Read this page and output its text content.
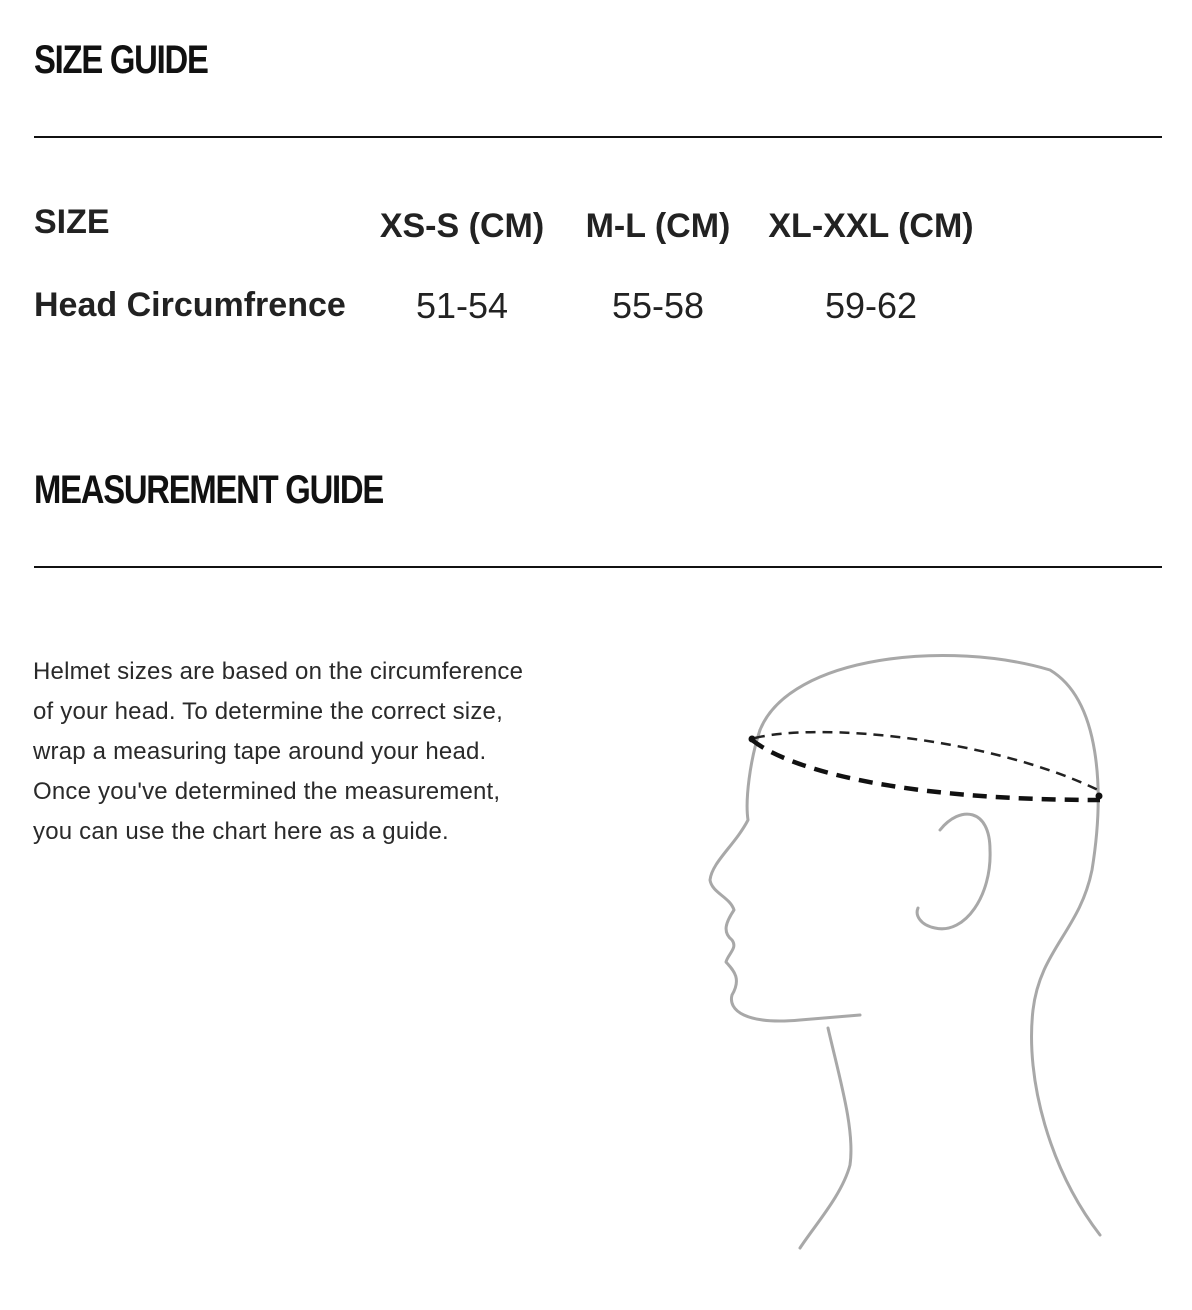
SIZE GUIDE
SIZE	XS-S (CM)	M-L (CM)	XL-XXL (CM)
Head Circumfrence	51-54	55-58	59-62
MEASUREMENT GUIDE

Helmet sizes are based on the circumference

of your head. To determine the correct size,

wrap a measuring tape around your head.

Once you've determined the measurement,

you can use the chart here as a guide.
